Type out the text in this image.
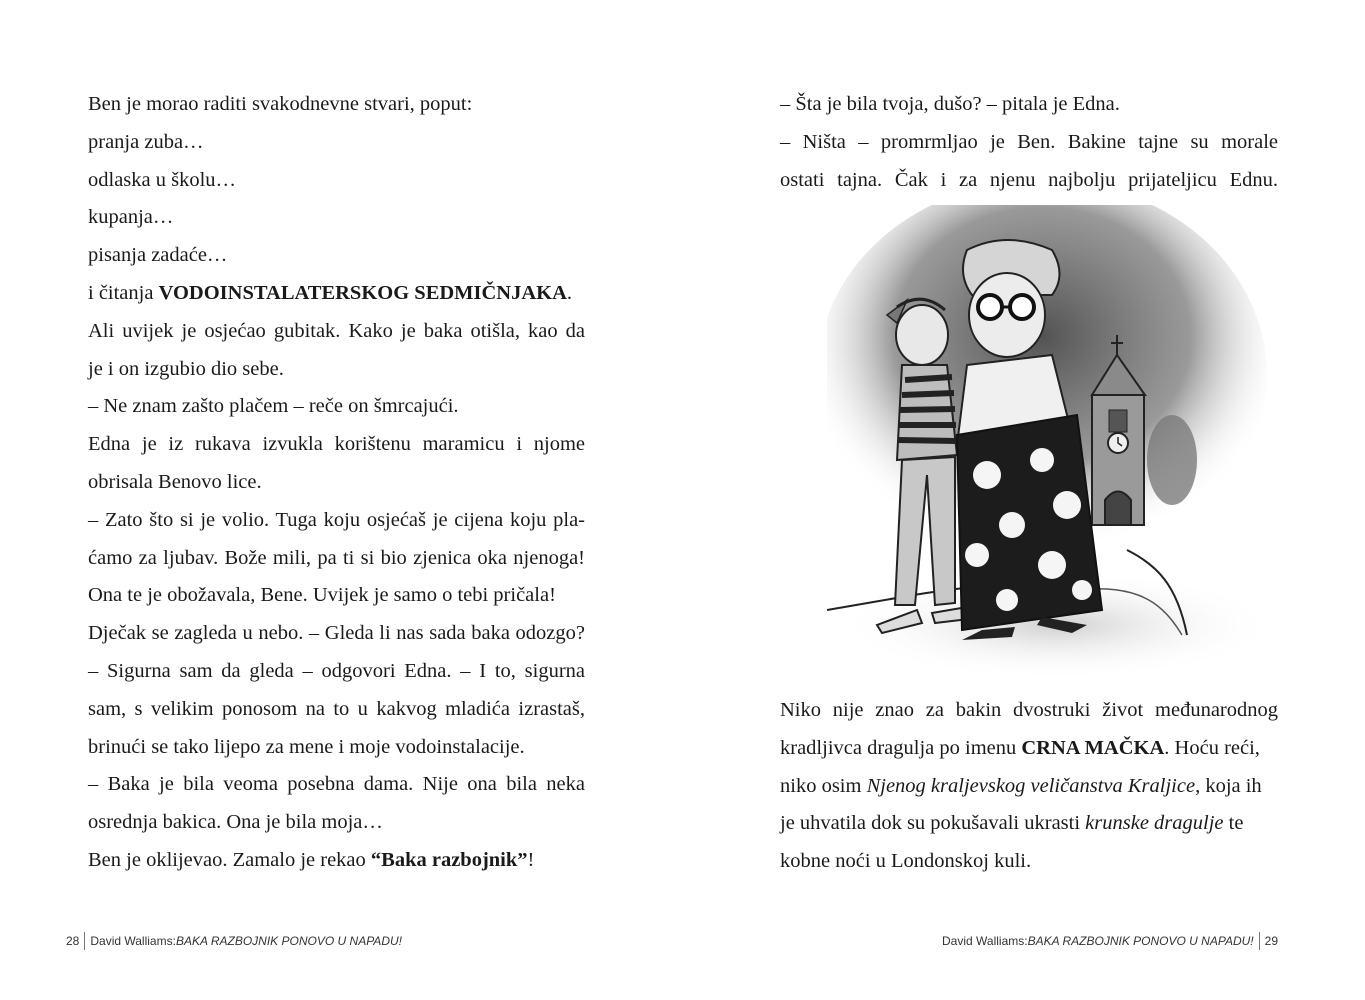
Ben je morao raditi svakodnevne stvari, poput:
pranja zuba…
odlaska u školu…
kupanja…
pisanja zadaće…
i čitanja VODOINSTALATERSKOG SEDMIČNJAKA.
Ali uvijek je osjećao gubitak. Kako je baka otišla, kao da
je i on izgubio dio sebe.
– Ne znam zašto plačem – reče on šmrcajući.
Edna je iz rukava izvukla korištenu maramicu i njome
obrisala Benovo lice.
– Zato što si je volio. Tuga koju osjećaš je cijena koju pla-
ćamo za ljubav. Bože mili, pa ti si bio zjenica oka njenoga!
Ona te je obožavala, Bene. Uvijek je samo o tebi pričala!
Dječak se zagleda u nebo. – Gleda li nas sada baka odozgo?
– Sigurna sam da gleda – odgovori Edna. – I to, sigurna
sam, s velikim ponosom na to u kakvog mladića izrastaš,
brinući se tako lijepo za mene i moje vodoinstalacije.
– Baka je bila veoma posebna dama. Nije ona bila neka
osrednja bakica. Ona je bila moja…
Ben je oklijevao. Zamalo je rekao “Baka razbojnik”!
28 David Walliams: BAKA RAZBOJNIK PONOVO U NAPADU!
– Šta je bila tvoja, dušo? – pitala je Edna.
– Ništa – promrmljao je Ben. Bakine tajne su morale
ostati tajna. Čak i za njenu najbolju prijateljicu Ednu.
Niko nije znao za bakin dvostruki život međunarodnog
kradljivca dragulja po imenu CRNA MAČKA. Hoću reći,
niko osim Njenog kraljevskog veličanstva Kraljice, koja ih
je uhvatila dok su pokušavali ukrasti krunske dragulje te
kobne noći u Londonskoj kuli.
David Walliams: BAKA RAZBOJNIK PONOVO U NAPADU! 29
